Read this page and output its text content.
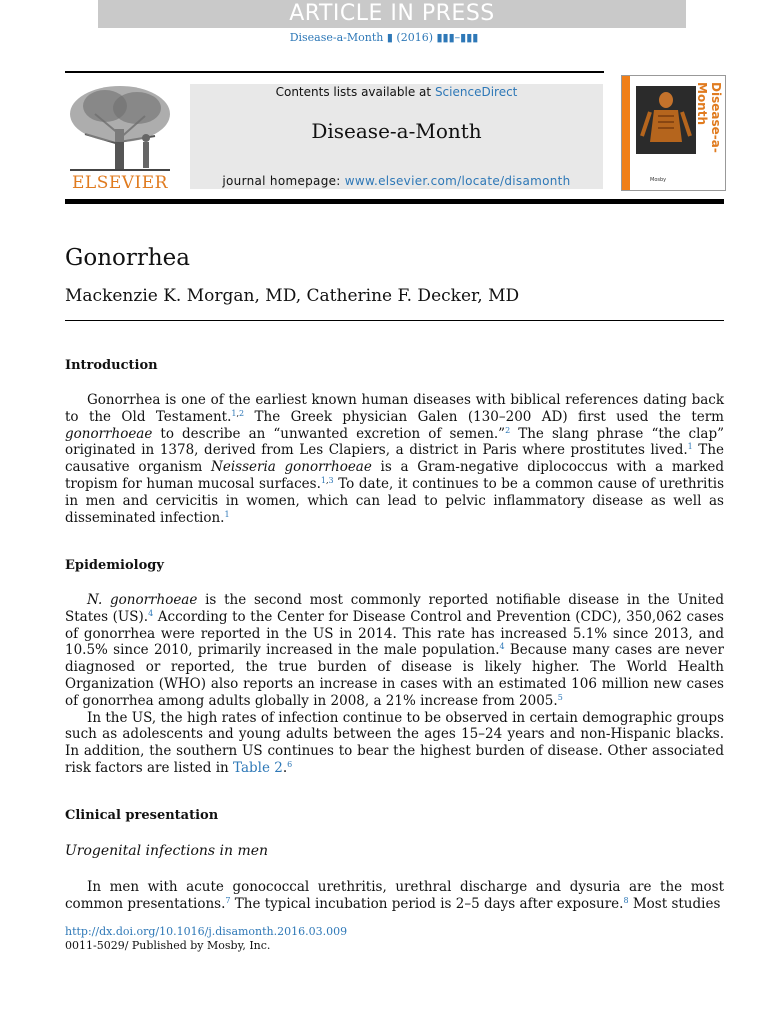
ARTICLE IN PRESS
Disease-a-Month ▮ (2016) ▮▮▮–▮▮▮
ELSEVIER
Contents lists available at ScienceDirect
Disease-a-Month
journal homepage: www.elsevier.com/locate/disamonth
Disease-a-Month
Mosby
Gonorrhea
Mackenzie K. Morgan, MD, Catherine F. Decker, MD
Introduction

Gonorrhea is one of the earliest known human diseases with biblical references dating back to the Old Testament.$^{1,2}$ The Greek physician Galen (130–200 AD) first used the term gonorrhoeae to describe an “unwanted excretion of semen.”$^2$ The slang phrase “the clap” originated in 1378, derived from Les Clapiers, a district in Paris where prostitutes lived.$^1$ The causative organism Neisseria gonorrhoeae is a Gram-negative diplococcus with a marked tropism for human mucosal surfaces.$^{1,3}$ To date, it continues to be a common cause of urethritis in men and cervicitis in women, which can lead to pelvic inflammatory disease as well as disseminated infection.$^1$

Epidemiology

N. gonorrhoeae is the second most commonly reported notifiable disease in the United States (US).$^4$ According to the Center for Disease Control and Prevention (CDC), 350,062 cases of gonorrhea were reported in the US in 2014. This rate has increased 5.1% since 2013, and 10.5% since 2010, primarily increased in the male population.$^4$ Because many cases are never diagnosed or reported, the true burden of disease is likely higher. The World Health Organization (WHO) also reports an increase in cases with an estimated 106 million new cases of gonorrhea among adults globally in 2008, a 21% increase from 2005.$^5$

In the US, the high rates of infection continue to be observed in certain demographic groups such as adolescents and young adults between the ages 15–24 years and non-Hispanic blacks. In addition, the southern US continues to bear the highest burden of disease. Other associated risk factors are listed in Table 2.$^6$

Clinical presentation
Urogenital infections in men

In men with acute gonococcal urethritis, urethral discharge and dysuria are the most common presentations.$^7$ The typical incubation period is 2–5 days after exposure.$^8$ Most studies

http://dx.doi.org/10.1016/j.disamonth.2016.03.009
0011-5029/ Published by Mosby, Inc.
